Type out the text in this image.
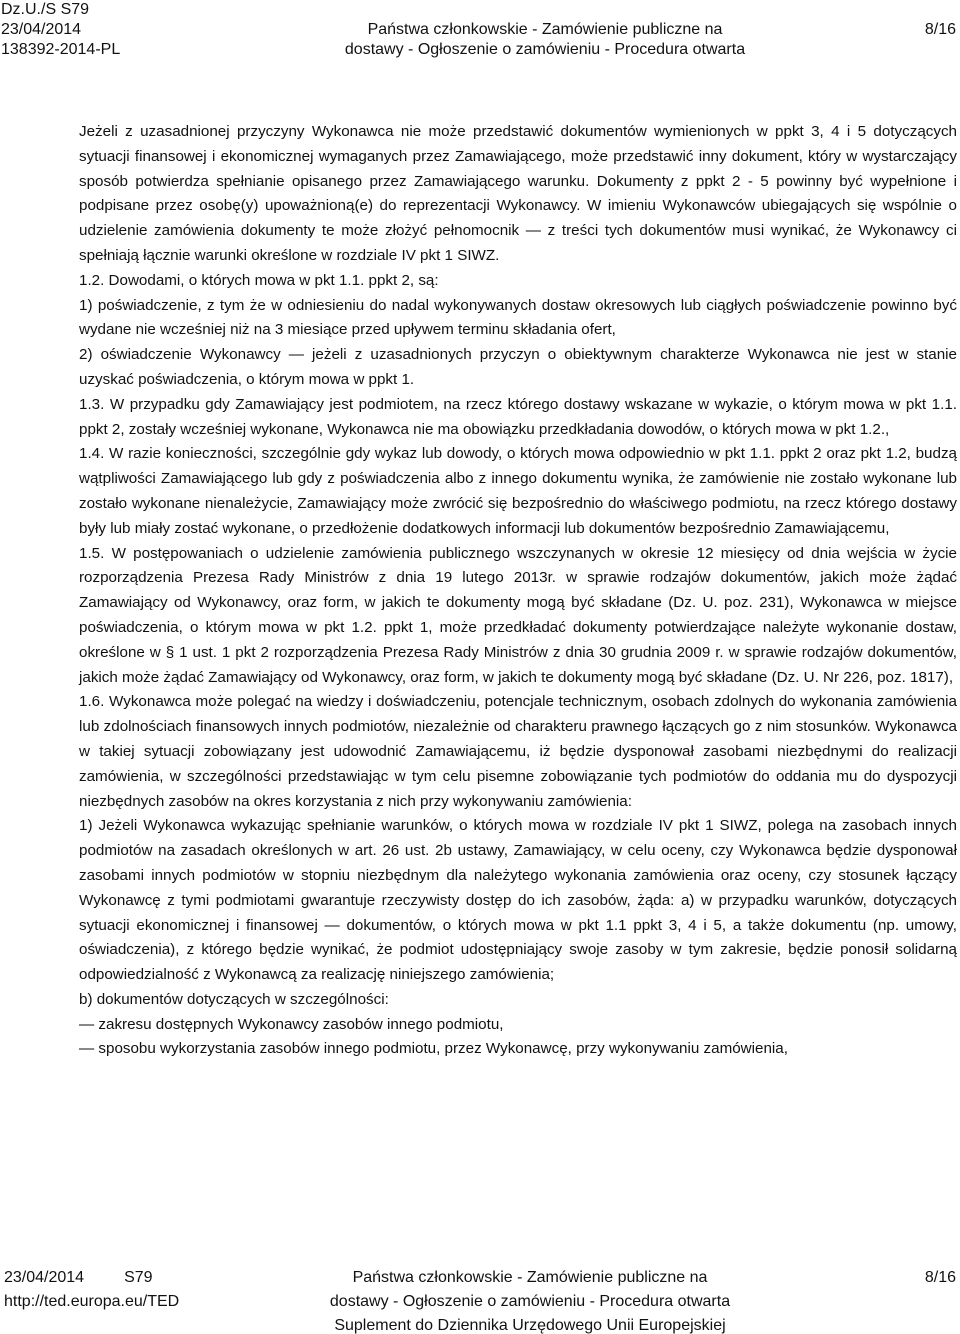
Dz.U./S S79
23/04/2014
138392-2014-PL
Państwa członkowskie - Zamówienie publiczne na
dostawy - Ogłoszenie o zamówieniu - Procedura otwarta
8/16
Jeżeli z uzasadnionej przyczyny Wykonawca nie może przedstawić dokumentów wymienionych w ppkt 3, 4 i 5 dotyczących sytuacji finansowej i ekonomicznej wymaganych przez Zamawiającego, może przedstawić inny dokument, który w wystarczający sposób potwierdza spełnianie opisanego przez Zamawiającego warunku. Dokumenty z ppkt 2 - 5 powinny być wypełnione i podpisane przez osobę(y) upoważnioną(e) do reprezentacji Wykonawcy. W imieniu Wykonawców ubiegających się wspólnie o udzielenie zamówienia dokumenty te może złożyć pełnomocnik — z treści tych dokumentów musi wynikać, że Wykonawcy ci spełniają łącznie warunki określone w rozdziale IV pkt 1 SIWZ.
1.2. Dowodami, o których mowa w pkt 1.1. ppkt 2, są:
1) poświadczenie, z tym że w odniesieniu do nadal wykonywanych dostaw okresowych lub ciągłych poświadczenie powinno być wydane nie wcześniej niż na 3 miesiące przed upływem terminu składania ofert,
2) oświadczenie Wykonawcy — jeżeli z uzasadnionych przyczyn o obiektywnym charakterze Wykonawca nie jest w stanie uzyskać poświadczenia, o którym mowa w ppkt 1.
1.3. W przypadku gdy Zamawiający jest podmiotem, na rzecz którego dostawy wskazane w wykazie, o którym mowa w pkt 1.1. ppkt 2, zostały wcześniej wykonane, Wykonawca nie ma obowiązku przedkładania dowodów, o których mowa w pkt 1.2.,
1.4. W razie konieczności, szczególnie gdy wykaz lub dowody, o których mowa odpowiednio w pkt 1.1. ppkt 2 oraz pkt 1.2, budzą wątpliwości Zamawiającego lub gdy z poświadczenia albo z innego dokumentu wynika, że zamówienie nie zostało wykonane lub zostało wykonane nienależycie, Zamawiający może zwrócić się bezpośrednio do właściwego podmiotu, na rzecz którego dostawy były lub miały zostać wykonane, o przedłożenie dodatkowych informacji lub dokumentów bezpośrednio Zamawiającemu,
1.5. W postępowaniach o udzielenie zamówienia publicznego wszczynanych w okresie 12 miesięcy od dnia wejścia w życie rozporządzenia Prezesa Rady Ministrów z dnia 19 lutego 2013r. w sprawie rodzajów dokumentów, jakich może żądać Zamawiający od Wykonawcy, oraz form, w jakich te dokumenty mogą być składane (Dz. U. poz. 231), Wykonawca w miejsce poświadczenia, o którym mowa w pkt 1.2. ppkt 1, może przedkładać dokumenty potwierdzające należyte wykonanie dostaw, określone w § 1 ust. 1 pkt 2 rozporządzenia Prezesa Rady Ministrów z dnia 30 grudnia 2009 r. w sprawie rodzajów dokumentów, jakich może żądać Zamawiający od Wykonawcy, oraz form, w jakich te dokumenty mogą być składane (Dz. U. Nr 226, poz. 1817),
1.6. Wykonawca może polegać na wiedzy i doświadczeniu, potencjale technicznym, osobach zdolnych do wykonania zamówienia lub zdolnościach finansowych innych podmiotów, niezależnie od charakteru prawnego łączących go z nim stosunków. Wykonawca w takiej sytuacji zobowiązany jest udowodnić Zamawiającemu, iż będzie dysponował zasobami niezbędnymi do realizacji zamówienia, w szczególności przedstawiając w tym celu pisemne zobowiązanie tych podmiotów do oddania mu do dyspozycji niezbędnych zasobów na okres korzystania z nich przy wykonywaniu zamówienia:
1) Jeżeli Wykonawca wykazując spełnianie warunków, o których mowa w rozdziale IV pkt 1 SIWZ, polega na zasobach innych podmiotów na zasadach określonych w art. 26 ust. 2b ustawy, Zamawiający, w celu oceny, czy Wykonawca będzie dysponował zasobami innych podmiotów w stopniu niezbędnym dla należytego wykonania zamówienia oraz oceny, czy stosunek łączący Wykonawcę z tymi podmiotami gwarantuje rzeczywisty dostęp do ich zasobów, żąda: a) w przypadku warunków, dotyczących sytuacji ekonomicznej i finansowej — dokumentów, o których mowa w pkt 1.1 ppkt 3, 4 i 5, a także dokumentu (np. umowy, oświadczenia), z którego będzie wynikać, że podmiot udostępniający swoje zasoby w tym zakresie, będzie ponosił solidarną odpowiedzialność z Wykonawcą za realizację niniejszego zamówienia;
b) dokumentów dotyczących w szczególności:
— zakresu dostępnych Wykonawcy zasobów innego podmiotu,
— sposobu wykorzystania zasobów innego podmiotu, przez Wykonawcę, przy wykonywaniu zamówienia,
23/04/2014	S79
http://ted.europa.eu/TED
Państwa członkowskie - Zamówienie publiczne na
dostawy - Ogłoszenie o zamówieniu - Procedura otwarta
Suplement do Dziennika Urzędowego Unii Europejskiej
8/16
